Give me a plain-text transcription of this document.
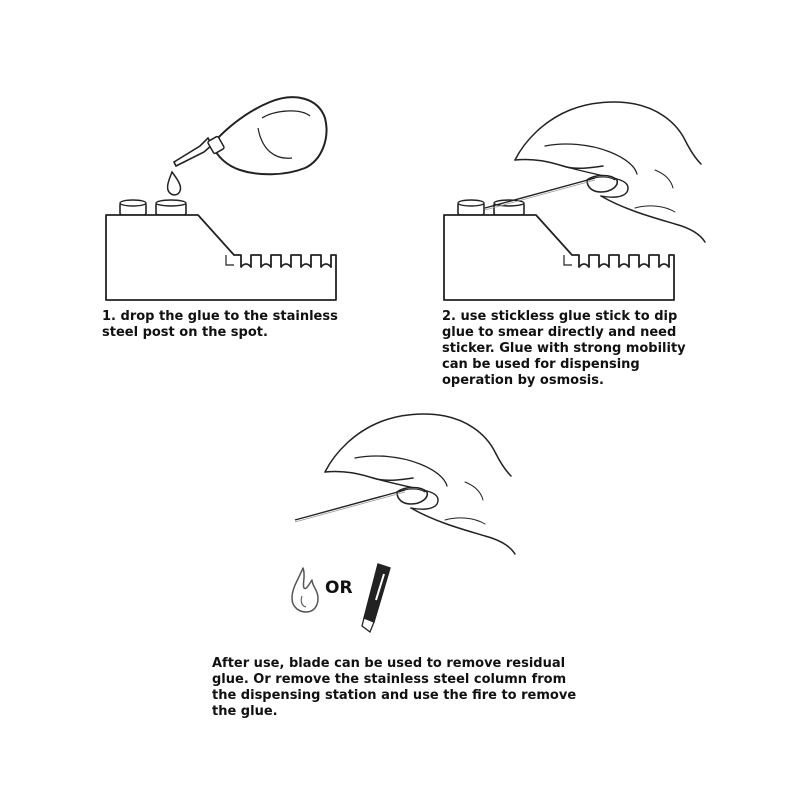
1. drop the glue to the stainless
steel post on the spot.

2. use stickless glue stick to dip
glue to smear directly and need
sticker. Glue with strong mobility
can be used for dispensing
operation by osmosis.

OR

After use, blade can be used to remove residual
glue. Or remove the stainless steel column from
the dispensing station and use the fire to remove
the glue.
